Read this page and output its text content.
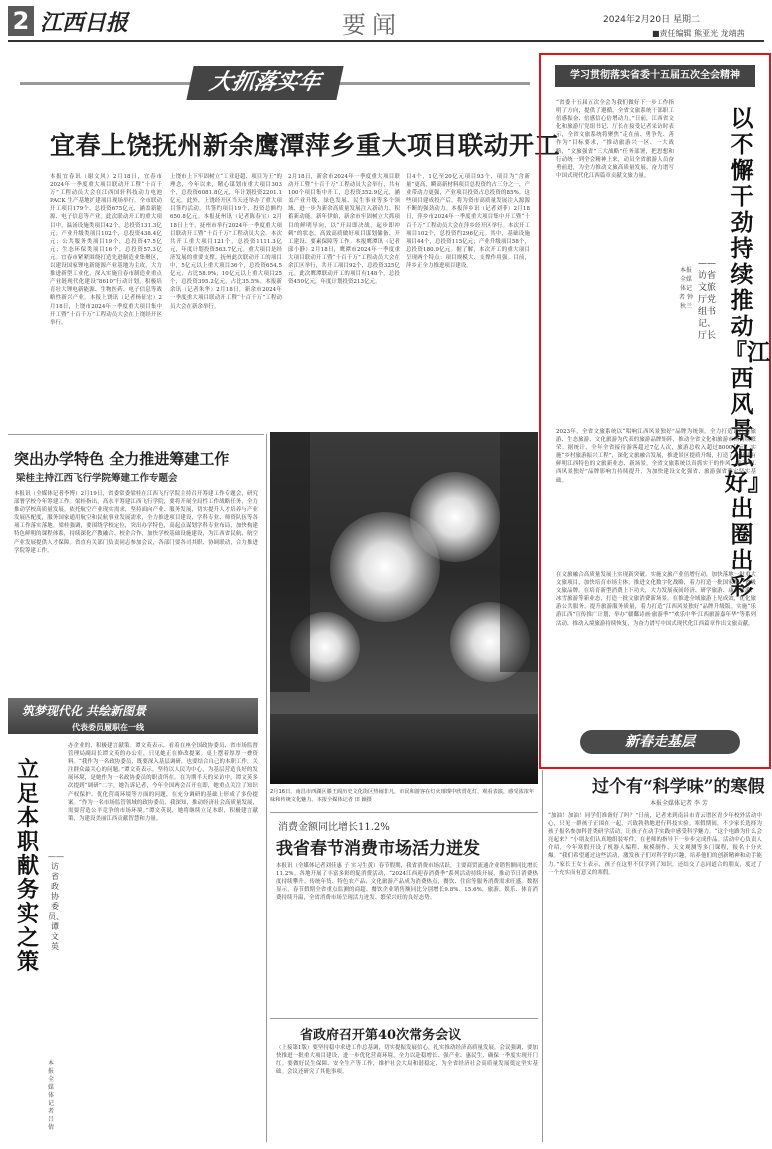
2 江西日报	要闻	2024年2月20日 星期二
■责任编辑 熊亚光 龙靖茜
大抓落实年
宜春上饶抚州新余鹰潭萍乡重大项目联动开工
本报宜春讯（谢文风）2月18日，宜春市2024年一季度重大项目联动开工暨“十百千万”工程动员大会在江西国轩科技动力电池 PACK 生产基地扩建项目现场举行。全市联动开工项目179个，总投资675亿元，涵盖新能源、电子信息等产业。此次联动开工的重大项目中，温汤设施类项目42个，总投资131.3亿元；产业升级类项目102个，总投资438.4亿元；公共服务类项目19个，总投资47.5亿元；生态环保类项目16个，总投资57.3亿元。宜春市紧紧围绕打造先进制造业集聚区，以建设国家锂电新能源产业基地为主攻，大力推进新型工业化，深入实施宣春市制造业重点产业链现代化建设“8610”行动计划，积极培育壮大锂电新能源、生物医药、电子信息等战略性新兴产业。本报上饶讯（记者杨征宏）2月18日，上饶市2024年一季度重大项目集中开工暨“十百千万”工程动员大会在上饶经开区举行。
上饶市上下牢固树立“工业赶超、项目为王”的理念，今年以来，精心谋划市重大项目303个，总投资6081.8亿元，年计划投资2201.1亿元。此外，上饶经开区当天还举办了重大项目签约活动，共签约项目19个，投资总额约650.8亿元。本报抚州讯（记者陈春宝）2月18日上午，抚州市举行2024年一季度重大项目联动开工暨“十百千万”工程动员大会。本次共开工重大项目121个，总投资1111.3亿元，年度计划投资563.7亿元。重大项目是经济发展的重要支撑。抚州此次联动开工的项目中，5亿元以上重大项目36个，总投资654.5亿元，占比58.9%；10亿元以上重大项目25个，总投资395.2亿元，占比35.5%。本报新余讯（记者朱华）2月18日，新余市2024年一季度重大项目联动开工暨“十百千万”工程动员大会在新余举行。
2月18日，新余市2024年一季度重大项目联动开工暨“十百千万”工程动员大会举行，共有100个项目集中开工，总投资352.9亿元，涵盖产业升级、绿色发展、民生事业等多个领域，进一步为新余高质量发展注入新动力、积蓄新动能。新年伊始，新余市牢固树立大抓项目的鲜明导向，以“开局即决战，起步即冲刺”的状态，高效高质做好项目谋划储备、开工建设、要素保障等工作。本报鹰潭讯（记者邱小静）2月18日，鹰潭市2024年一季度重大项目联动开工暨“十百千万”工程动员大会在余江区举行，共开工项目92个，总投资325亿元。此次鹰潭联动开工的项目有148个，总投资450亿元，年度计划投资213亿元。
目4个，1亿至20亿元项目93个，项目为“含新量”更高，瞬高新材料项目总投资约占三分之一，产业带动力更强，产业项目投资占总投资的85%。这些项目建成投产后，将为资市高质量发展注入源源不断的强劲动力。本报萍乡讯（记者刘菲）2月18日，萍乡市2024年一季度重大项目集中开工暨“十百千万”工程动员大会在萍乡经开区举行。本次开工项目102个，总投资约296亿元。其中，基础设施项目44个，总投资115亿元；产业升级项目58个，总投资180.9亿元。据了解，本次开工的重大项目呈现两个特点：项目规模大、支撑作用强。目前，萍乡正全力推进项目建设。
学习贯彻落实省委十五届五次全会精神
以不懈干劲持续推动『江西风景独好』出圈出彩
——访省文旅厅党组书记、厅长
本报全媒体记者 钟秋兰
“省委十五届五次全会为我们做好下一步工作指明了方向，提供了遵循。全省文旅系统干部职工倍感振奋、倍感信心倍增动力。”日前，江西省文化和旅游厅党组书记、厅长在接受记者采访时表示，全省文旅系统将聚焦“走在前、勇争先、善作为”目标要求，“推动旅游兴一区、一大战略，“文旅强省”三大战略”任务部署，把思想和行动统一到全会精神上来，动员全省旅游人员奋勇前进，为全力推动文旅高质量发展、奋力谱写中国式现代化江西篇章贡献文旅力量。
2023年，全省文旅系统以“唱响江西风景独好”品牌为统领，全力打造以红色旅游、生态旅游、文化旅游为代表的旅游品牌矩阵，推动全省文化和旅游市场持续繁荣。据统计，全年全省接待游客超过7亿人次，旅游总收入超过8000亿元。实施“乡村旅游振兴工程”，深化文旅融合发展，推进景区提质升级，打造了一批具有鲜明江西特色的文旅新业态、新场景。全省文旅系统以真抓实干的作风，推动“江西风景独好”品牌影响力持续提升，为加快建设文化强省、旅游强省奠定坚实基础。
在文旅融合高质量发展上实现新突破。实施文旅产业倍增行动，加快落地一批重大文旅项目，加快培育市场主体，推进文化数字化战略，着力打造一批国家级、省级文旅品牌。在培育新型消费上下功夫，大力发展夜间经济、研学旅游、康养旅游、冰雪旅游等新业态，打造一批文旅消费新场景。在推进全域旅游上见成效，优化旅游公共服务，提升旅游服务质量，着力打造“江西风景独好”品牌升级版。实施“乐游江西”宣传推广计划，举办“赣鄱诗画·旅游季”“欢乐中华·江西旅游嘉年华”等系列活动，推动入境旅游持续恢复，为奋力谱写中国式现代化江西篇章作出文旅贡献。
突出办学特色 全力推进筹建工作
梁桂主持江西飞行学院筹建工作专题会
本报讯（全媒体记者李博）2月19日，省委常委梁桂在江西飞行学院主持召开筹建工作专题会，研究部署学校今年筹建工作。梁桂指出，高水平筹建江西飞行学院，要将开展全局性工作战略任务，全力推动学校高质量发展。依托航空产业现实需求，坚持面向产业、服务发展，切实提升人才培养与产业发展匹配度，服务国家通用航空和民航事业发展需求，全力推进项目建设、学科专业、师资队伍等各项工作落实落地。梁桂强调，要围绕学校定位，突出办学特色，高起点谋划学科专业布局，加快构建特色鲜明的课程体系，持续深化产教融合、校企合作，加快学校基础设施建设，为江西省民航、航空产业发展提供人才保障。省直有关部门负责同志参加会议，各部门要各司其职、协调联动，合力推进学院筹建工作。
2月16日，南昌市西湖区滕王阁历史文化街区热闹非凡，市民和游客在灯火璀璨中欣赏花灯、观看表演，感受浓浓年味和传统文化魅力。本报全媒体记者 田 颖摄
筑梦现代化 共绘新图景
代表委员履职在一线
立足本职献务实之策
——访省政协委员、谭文英
本报全媒体记者 吕倩
办企业的，积极建言献策。谭文英表示，看着在座全国政协委员、省市场监督管理局副局长谭文英的办公室，只见她正在修改提案。桌上摆着厚厚一叠资料。“我作为一名政协委员，既要深入基层调研，也要结合自己的本职工作，关注群众最关心的问题。”谭文英表示，坚持以人民为中心，为基层营造良好的发展环境，是她作为一名政协委员的职责所在。在为期半天的采访中，谭文英多次提到“调研”二字。她告诉记者，今年全国两会召开在即，她重点关注了知识产权保护、优化营商环境等方面的问题，在充分调研的基础上形成了多份提案。“作为一名市场监管领域的政协委员，我深知，推动经济社会高质量发展，需要营造公平竞争的市场环境。”谭文英说，她将继续立足本职，积极建言献策，为建设美丽江西贡献智慧和力量。
消费金额同比增长11.2%
我省春节消费市场活力迸发
本报讯（全媒体记者刘佳惠 子 实习生黄）春节假期，我省消费市场活跃，主要商贸流通企业销售额同比增长11.2%。各地开展了丰富多彩的促消费活动，“2024江西迎春消费季”系列活动持续开展，推动节日消费热度持续攀升。传统年货、特色农产品、文化旅游产品成为消费热点，餐饮、住宿等服务消费需求旺盛。数据显示，春节假期全省重点监测的商超、餐饮企业销售额同比分别增长9.8%、15.6%，旅游、娱乐、体育消费持续升温，全省消费市场呈现活力迸发、繁荣兴旺的良好态势。
省政府召开第40次常务会议
（上接第1版）要坚持稳中求进工作总基调，切实提振发展信心，扎实推动经济高质量发展。会议强调，要加快推进一批重大项目建设，进一步优化营商环境，全力以赴稳增长、强产业、惠民生，确保一季度实现开门红。要做好民生保障、安全生产等工作，维护社会大局和谐稳定，为全省经济社会高质量发展奠定坚实基础。会议还研究了其他事项。
新春走基层
过个有“科学味”的寒假
本报全媒体记者 李 芳
“加油！加油！同学们准备好了吗？”日前，记者来到南昌市青云谱区青少年校外活动中心，只见一群孩子正围在一起，兴致勃勃地进行科技实验。寒假期间，不少家长选择为孩子报名参加科普类研学活动，让孩子在动手实践中感受科学魅力。“这个电路为什么会亮起来？”小朋友们认真地组装零件，在老师的指导下一步步完成作品。活动中心负责人介绍，今年寒假开设了机器人编程、航模制作、天文观测等多门课程，报名十分火爆。“我们希望通过这些活动，激发孩子们对科学的兴趣，培养他们的创新精神和动手能力。”家长王女士表示，孩子在这里不仅学到了知识，还结交了志同道合的朋友，度过了一个充实而有意义的寒假。
